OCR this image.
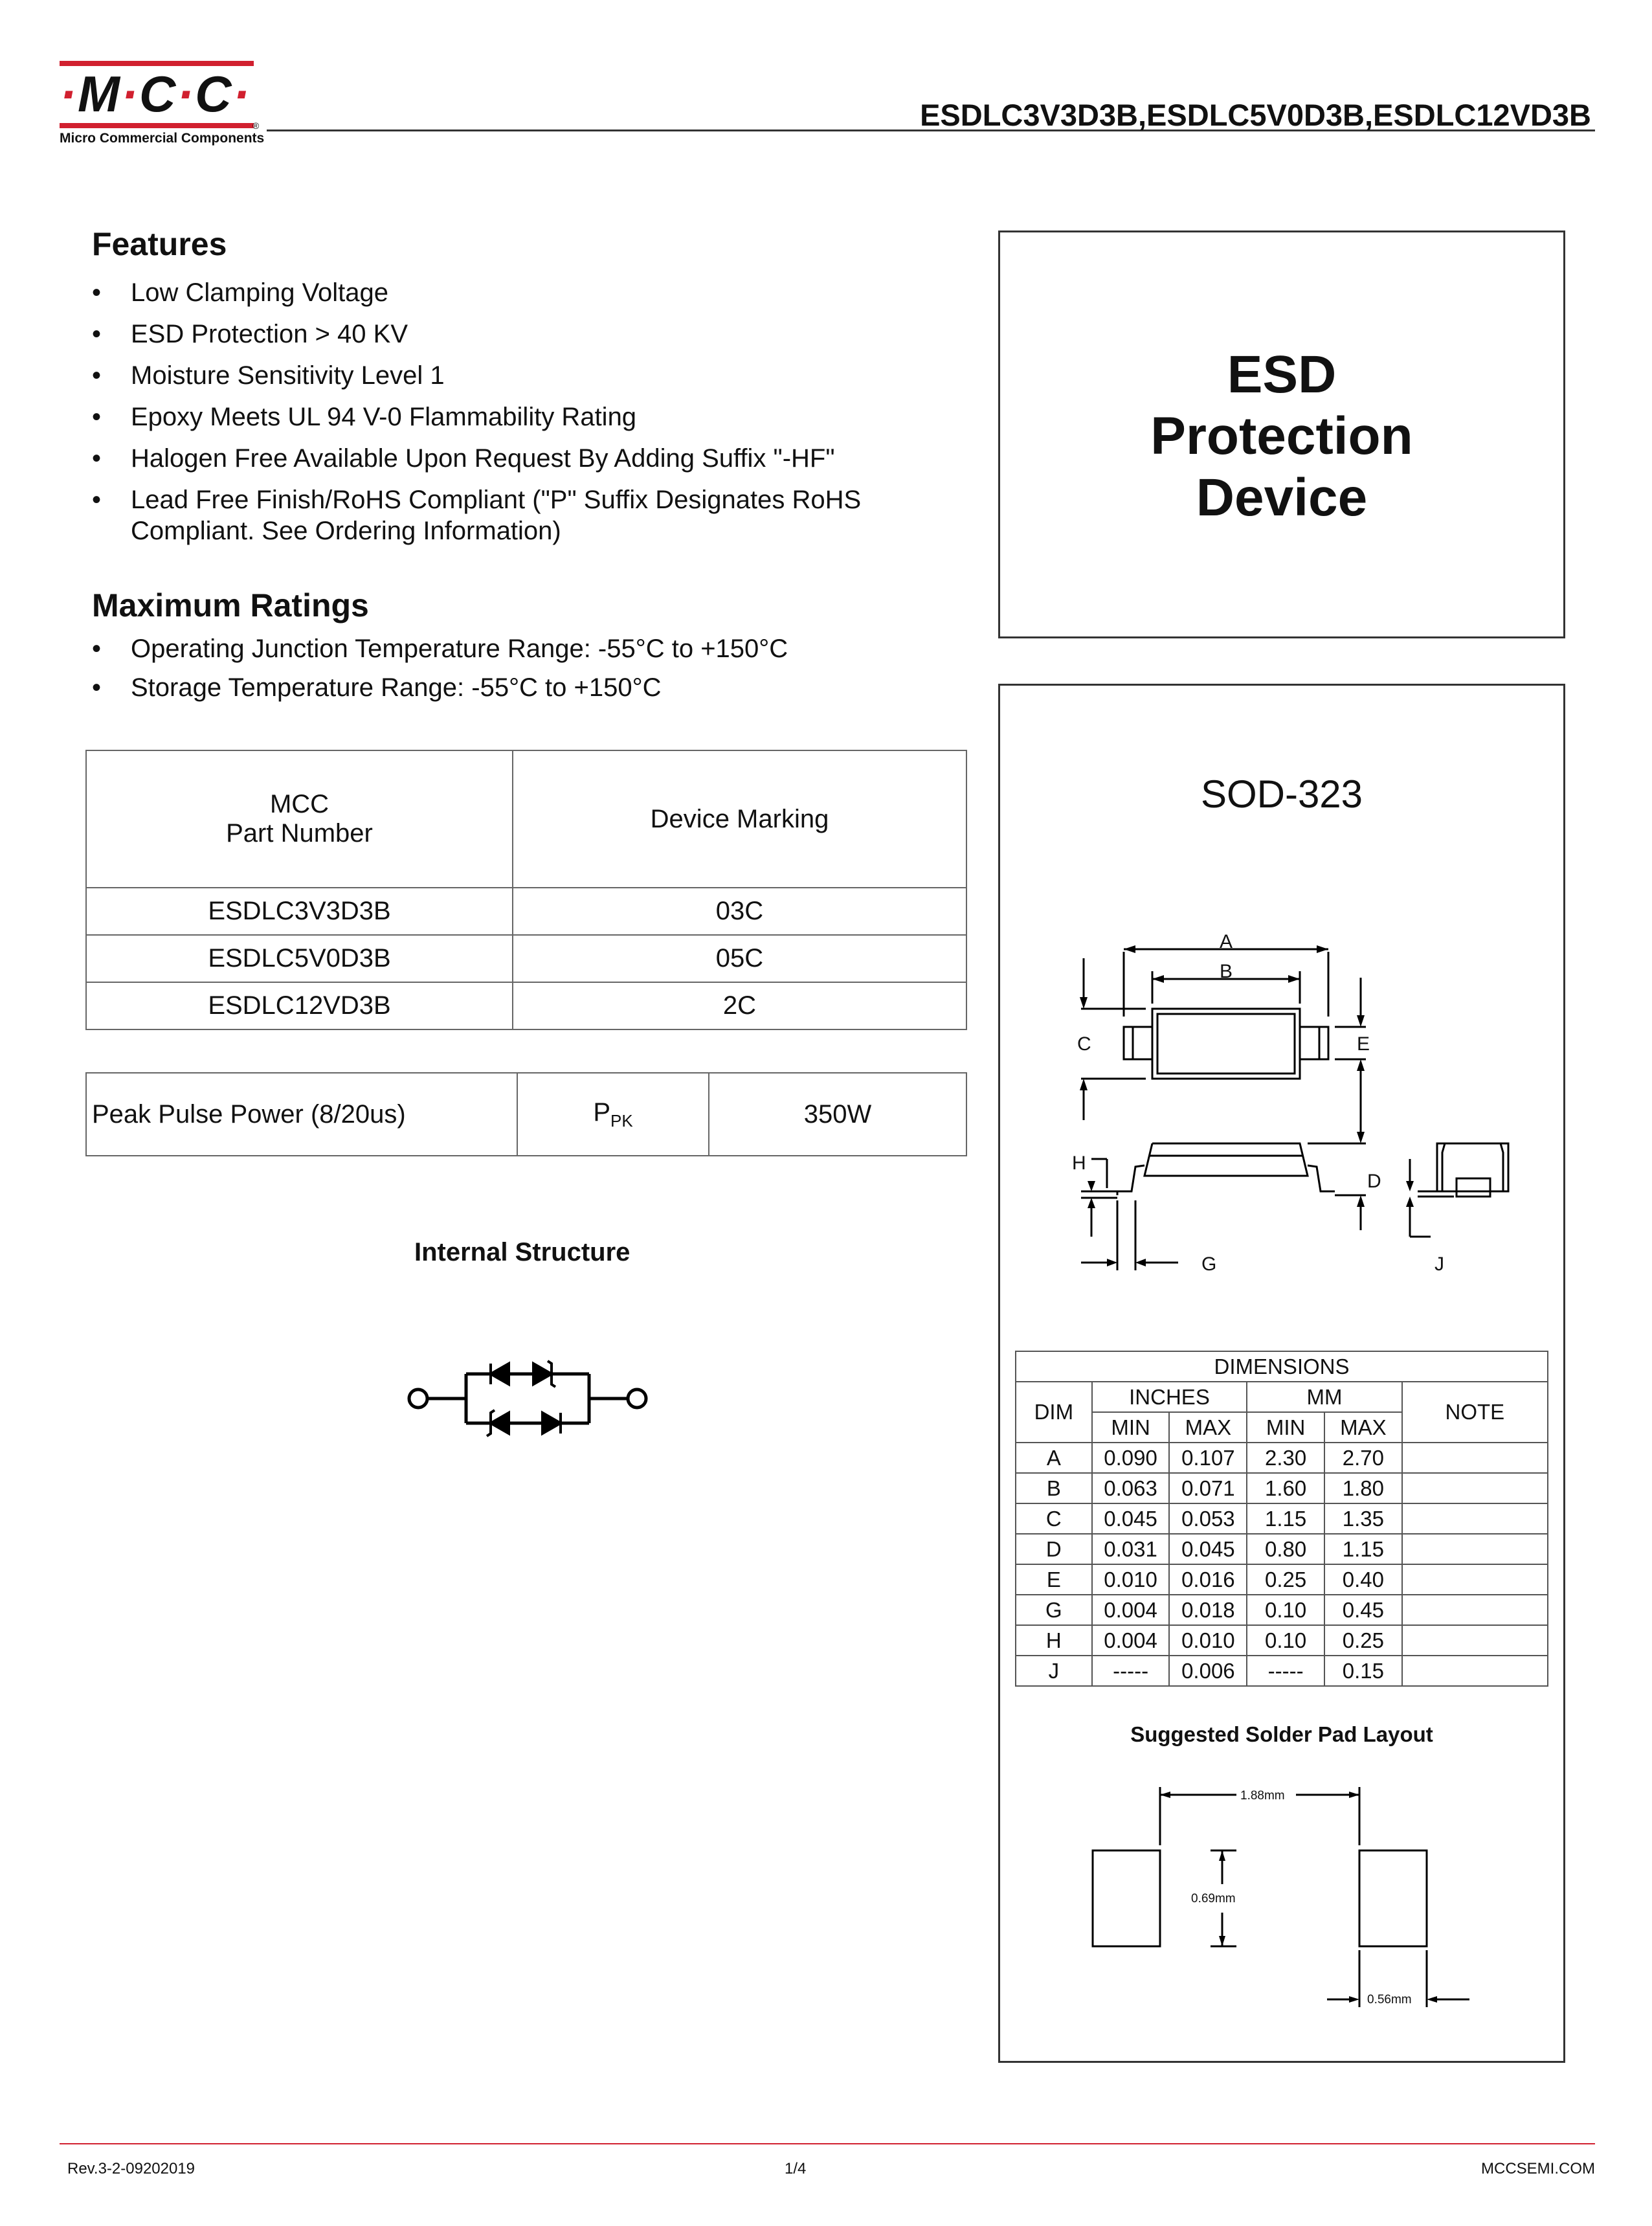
·M·C·C·
Micro Commercial Components
®	ESDLC3V3D3B,ESDLC5V0D3B,ESDLC12VD3B
Features
• Low Clamping Voltage
• ESD Protection > 40 KV
• Moisture Sensitivity Level 1
• Epoxy Meets UL 94 V-0 Flammability Rating
• Halogen Free Available Upon Request By Adding Suffix "-HF"
• Lead Free Finish/RoHS Compliant ("P" Suffix Designates RoHS Compliant. See Ordering Information)
Maximum Ratings
• Operating Junction Temperature Range: -55°C to +150°C
• Storage Temperature Range: -55°C to +150°C
ESD
Protection
Device
MCC
Part Number	Device Marking
ESDLC3V3D3B	03C
ESDLC5V0D3B	05C
ESDLC12VD3B	2C
Peak Pulse Power (8/20us)	$P_{PK}$	350W
Internal Structure
SOD-323
A
B
C	E
H
D
G	J
DIMENSIONS					
DIM	INCHES		MM		NOTE
	MIN	MAX	MIN	MAX	
A	0.090	0.107	2.30	2.70	
B	0.063	0.071	1.60	1.80	
C	0.045	0.053	1.15	1.35	
D	0.031	0.045	0.80	1.15	
E	0.010	0.016	0.25	0.40	
G	0.004	0.018	0.10	0.45	
H	0.004	0.010	0.10	0.25	
J	-----	0.006	-----	0.15	
Suggested Solder Pad Layout
1.88mm
0.69mm
0.56mm
Rev.3-2-09202019	1/4	MCCSEMI.COM
